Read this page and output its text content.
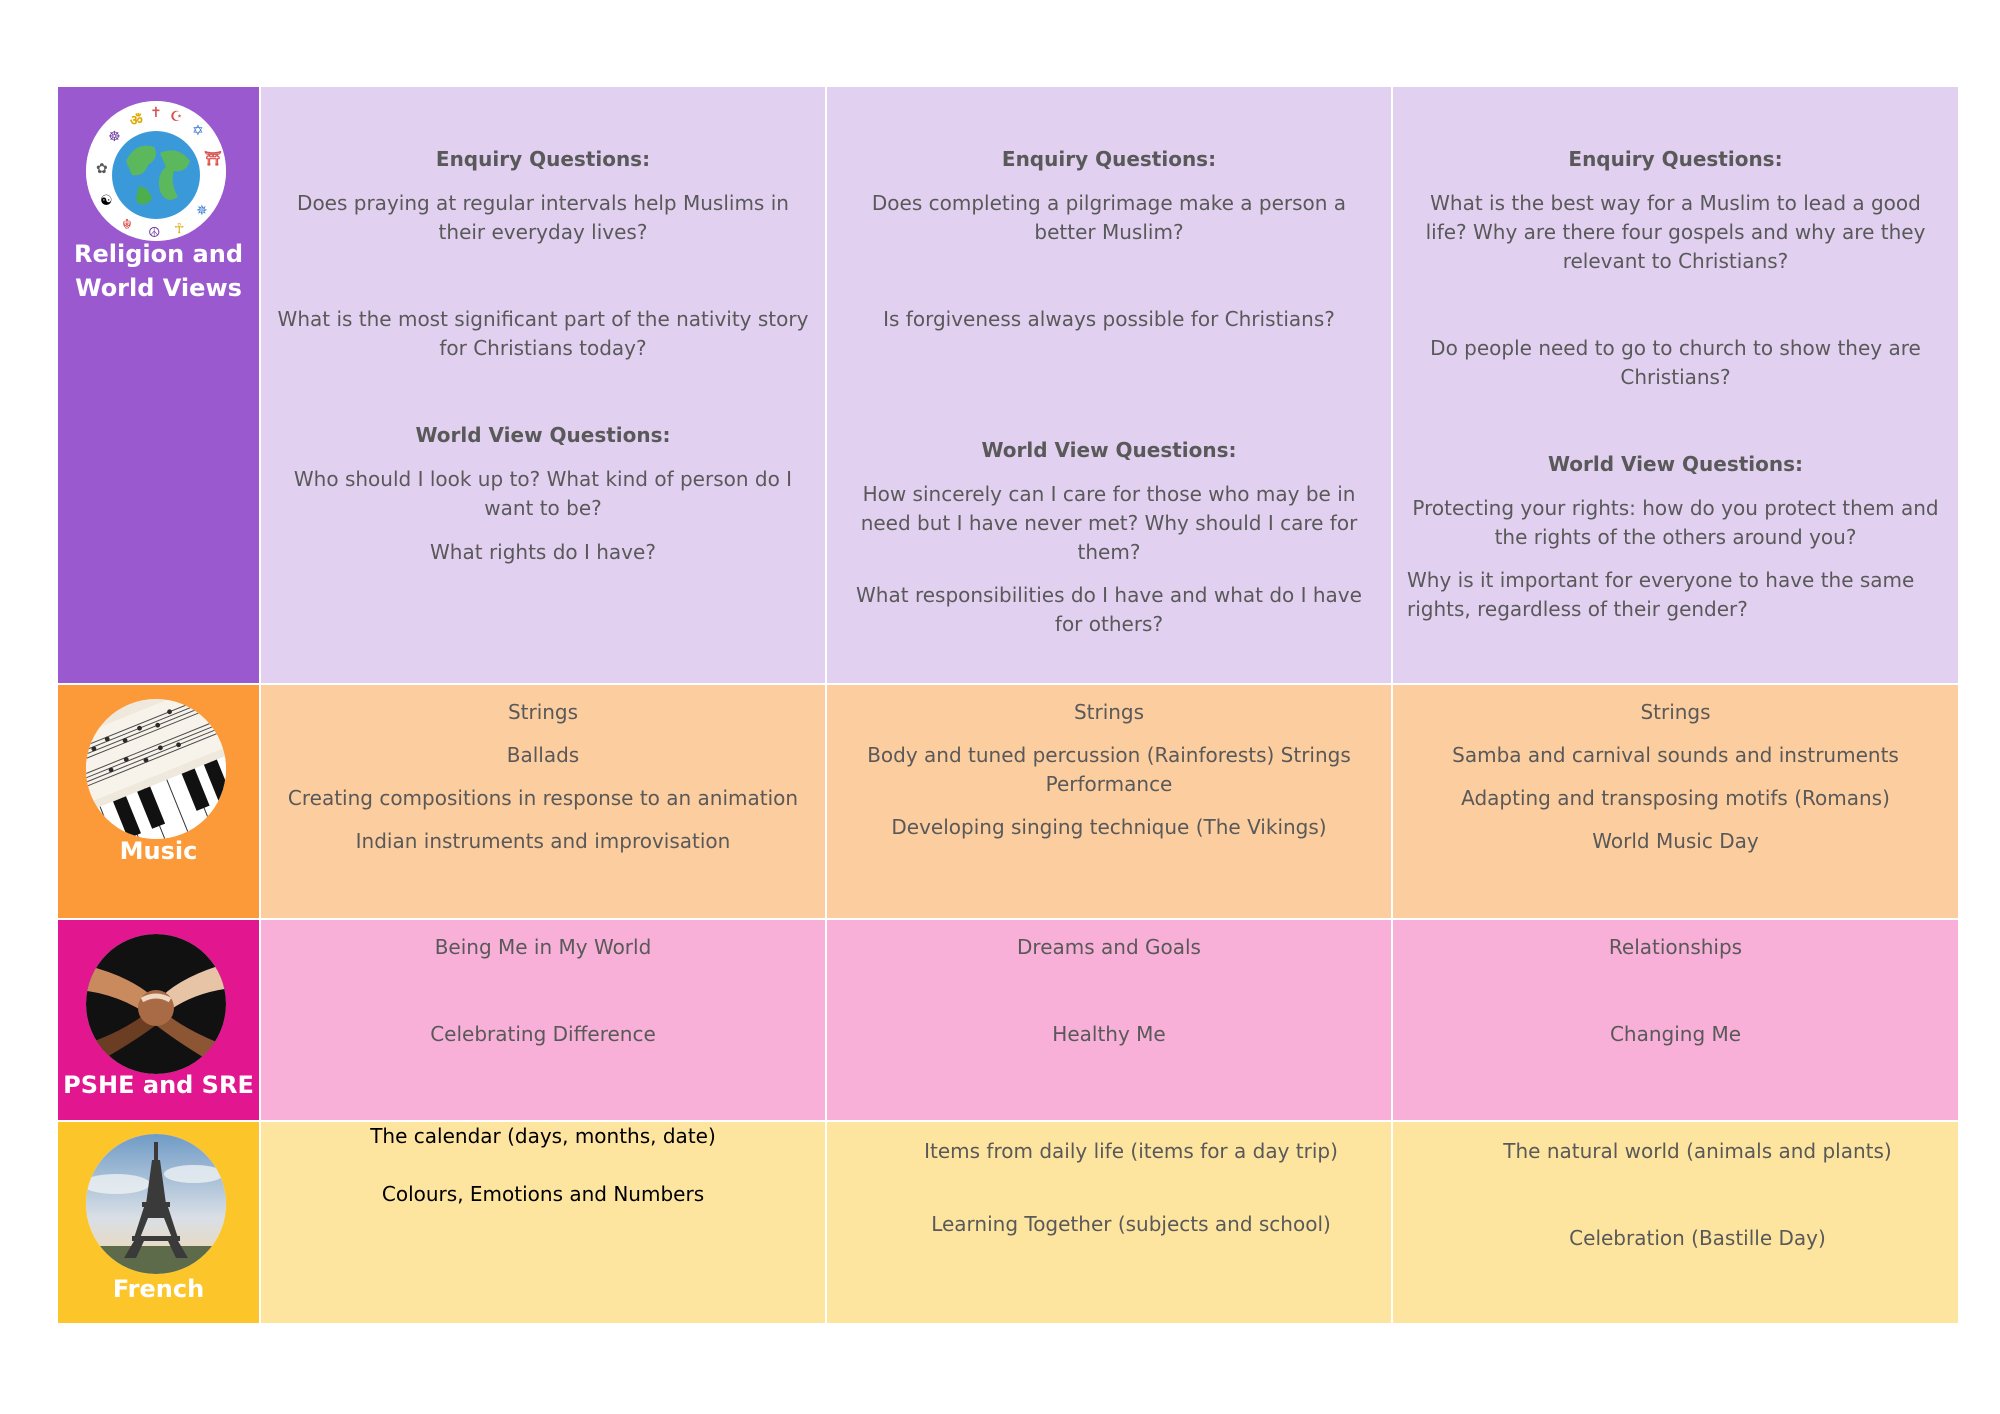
☸
ॐ ✝ ☪
✡
⛩
✿
☯
☬ ☮ ☥
✵
Religion and World Views
Enquiry Questions:

Does praying at regular intervals help Muslims in their everyday lives?

What is the most significant part of the nativity story for Christians today?

World View Questions:

Who should I look up to? What kind of person do I want to be?

What rights do I have?

Enquiry Questions:

Does completing a pilgrimage make a person a better Muslim?

Is forgiveness always possible for Christians?

World View Questions:

How sincerely can I care for those who may be in need but I have never met? Why should I care for them?

What responsibilities do I have and what do I have for others?

Enquiry Questions:

What is the best way for a Muslim to lead a good life? Why are there four gospels and why are they relevant to Christians?

Do people need to go to church to show they are Christians?

World View Questions:

Protecting your rights: how do you protect them and the rights of the others around you?

Why is it important for everyone to have the same rights, regardless of their gender?

Music

Strings

Ballads

Creating compositions in response to an animation

Indian instruments and improvisation

Strings

Body and tuned percussion (Rainforests) Strings Performance

Developing singing technique (The Vikings)

Strings

Samba and carnival sounds and instruments

Adapting and transposing motifs (Romans)

World Music Day

PSHE and SRE

Being Me in My World

Celebrating Difference

Dreams and Goals

Healthy Me

Relationships

Changing Me

French

The calendar (days, months, date)

Colours, Emotions and Numbers

Items from daily life (items for a day trip)

Learning Together (subjects and school)

The natural world (animals and plants)

Celebration (Bastille Day)
